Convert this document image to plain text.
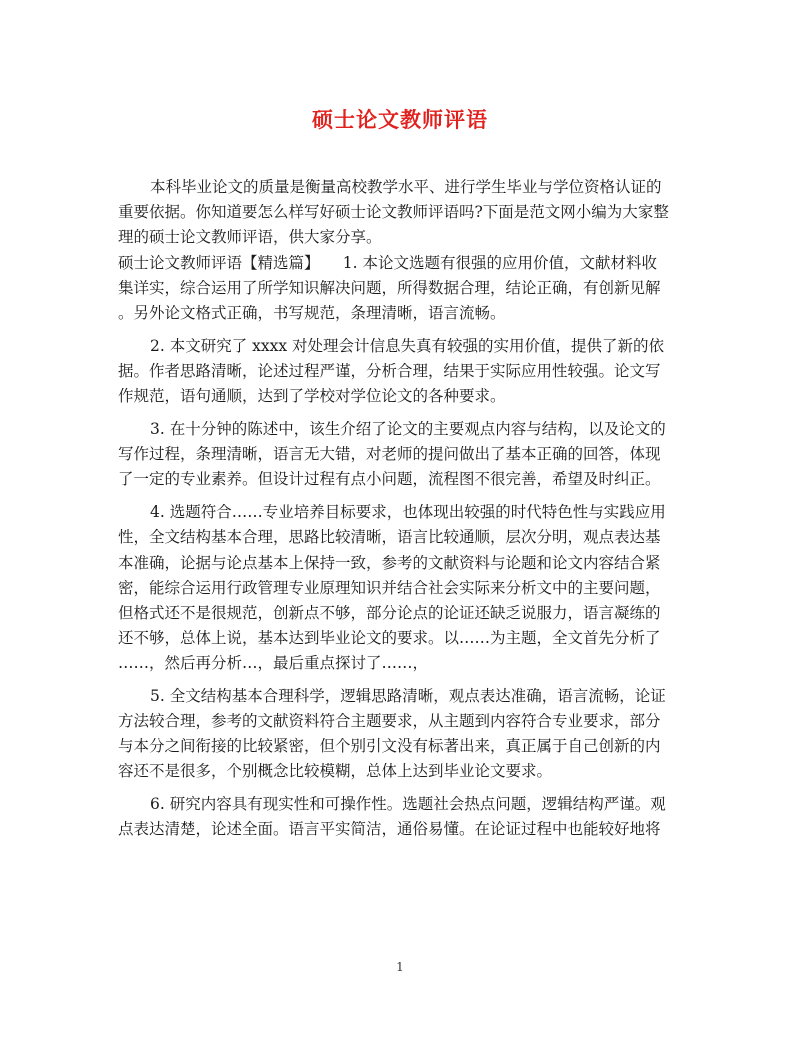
硕士论文教师评语
本科毕业论文的质量是衡量高校教学水平、进行学生毕业与学位资格认证的
重要依据。你知道要怎么样写好硕士论文教师评语吗?下面是范文网小编为大家整
理的硕士论文教师评语，供大家分享。
硕士论文教师评语【精选篇】　　1. 本论文选题有很强的应用价值，文献材料收
集详实，综合运用了所学知识解决问题，所得数据合理，结论正确，有创新见解
。另外论文格式正确，书写规范，条理清晰，语言流畅。
2. 本文研究了 xxxx 对处理会计信息失真有较强的实用价值，提供了新的依
据。作者思路清晰，论述过程严谨，分析合理，结果于实际应用性较强。论文写
作规范，语句通顺，达到了学校对学位论文的各种要求。
3. 在十分钟的陈述中，该生介绍了论文的主要观点内容与结构，以及论文的
写作过程，条理清晰，语言无大错，对老师的提问做出了基本正确的回答，体现
了一定的专业素养。但设计过程有点小问题，流程图不很完善，希望及时纠正。
4. 选题符合……专业培养目标要求，也体现出较强的时代特色性与实践应用
性，全文结构基本合理，思路比较清晰，语言比较通顺，层次分明，观点表达基
本准确，论据与论点基本上保持一致，参考的文献资料与论题和论文内容结合紧
密，能综合运用行政管理专业原理知识并结合社会实际来分析文中的主要问题，
但格式还不是很规范，创新点不够，部分论点的论证还缺乏说服力，语言凝练的
还不够，总体上说，基本达到毕业论文的要求。以……为主题，全文首先分析了
……，然后再分析…，最后重点探讨了……，
5. 全文结构基本合理科学，逻辑思路清晰，观点表达准确，语言流畅，论证
方法较合理，参考的文献资料符合主题要求，从主题到内容符合专业要求，部分
与本分之间衔接的比较紧密，但个别引文没有标著出来，真正属于自己创新的内
容还不是很多，个别概念比较模糊，总体上达到毕业论文要求。
6. 研究内容具有现实性和可操作性。选题社会热点问题，逻辑结构严谨。观
点表达清楚，论述全面。语言平实简洁，通俗易懂。在论证过程中也能较好地将
1
